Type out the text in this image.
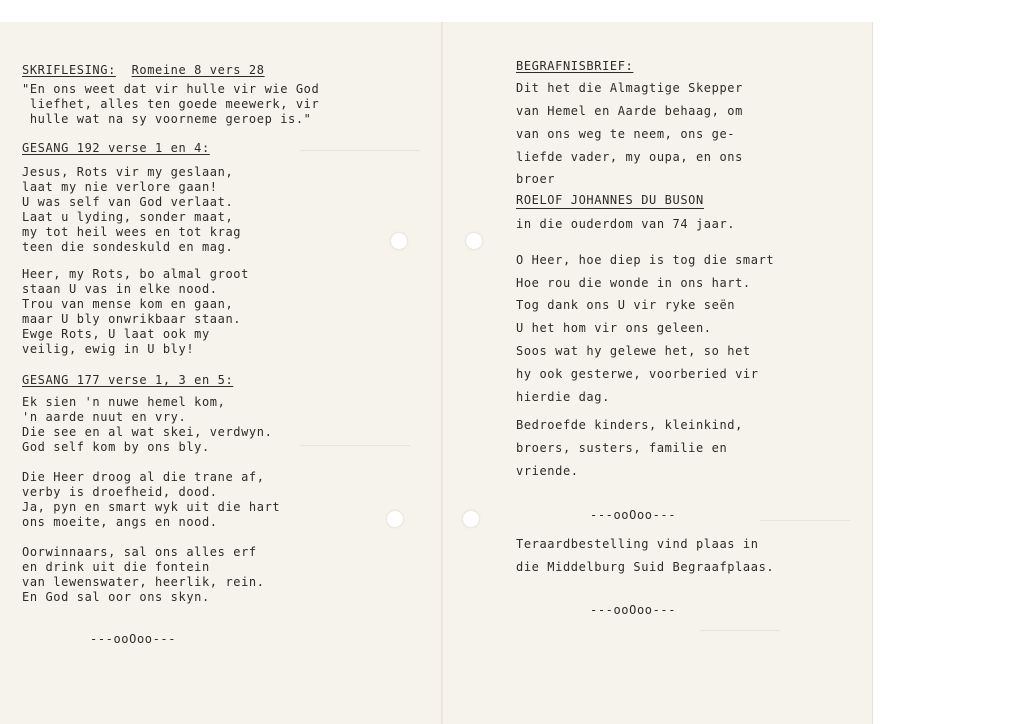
SKRIFLESING: Romeine 8 vers 28
"En ons weet dat vir hulle vir wie God
liefhet, alles ten goede meewerk, vir
hulle wat na sy voorneme geroep is."
GESANG 192 verse 1 en 4:
Jesus, Rots vir my geslaan,
laat my nie verlore gaan!
U was self van God verlaat.
Laat u lyding, sonder maat,
my tot heil wees en tot krag
teen die sondeskuld en mag.
Heer, my Rots, bo almal groot
staan U vas in elke nood.
Trou van mense kom en gaan,
maar U bly onwrikbaar staan.
Ewge Rots, U laat ook my
veilig, ewig in U bly!
GESANG 177 verse 1, 3 en 5:
Ek sien 'n nuwe hemel kom,
'n aarde nuut en vry.
Die see en al wat skei, verdwyn.
God self kom by ons bly.
Die Heer droog al die trane af,
verby is droefheid, dood.
Ja, pyn en smart wyk uit die hart
ons moeite, angs en nood.
Oorwinnaars, sal ons alles erf
en drink uit die fontein
van lewenswater, heerlik, rein.
En God sal oor ons skyn.
---ooOoo---
BEGRAFNISBRIEF:
Dit het die Almagtige Skepper
van Hemel en Aarde behaag, om
van ons weg te neem, ons ge-
liefde vader, my oupa, en ons
broer
ROELOF JOHANNES DU BUSON
in die ouderdom van 74 jaar.
O Heer, hoe diep is tog die smart
Hoe rou die wonde in ons hart.
Tog dank ons U vir ryke seën
U het hom vir ons geleen.
Soos wat hy gelewe het, so het
hy ook gesterwe, voorberied vir
hierdie dag.
Bedroefde kinders, kleinkind,
broers, susters, familie en
vriende.
---ooOoo---
Teraardbestelling vind plaas in
die Middelburg Suid Begraafplaas.
---ooOoo---
